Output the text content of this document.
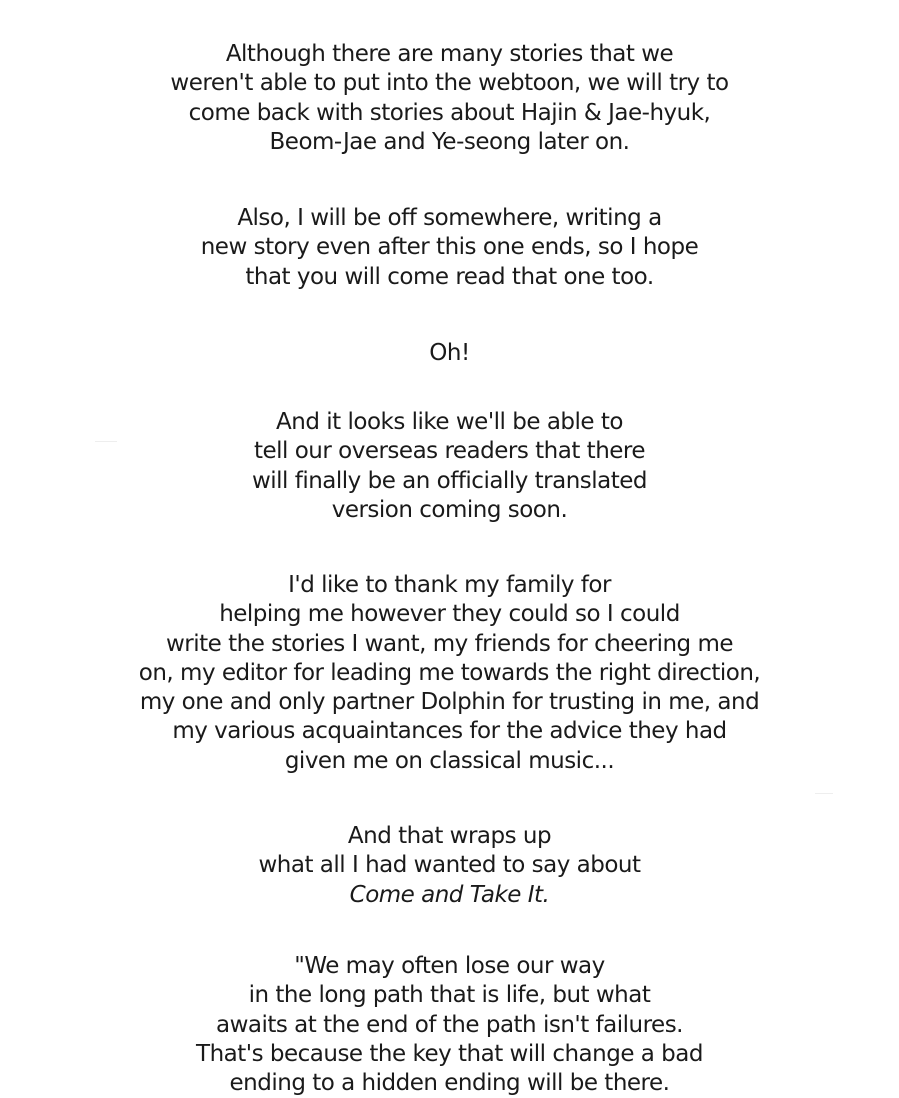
Although there are many stories that we
weren't able to put into the webtoon, we will try to
come back with stories about Hajin & Jae-hyuk,
Beom-Jae and Ye-seong later on.

Also, I will be off somewhere, writing a
new story even after this one ends, so I hope
that you will come read that one too.

Oh!

And it looks like we'll be able to
tell our overseas readers that there
will finally be an officially translated
version coming soon.

I'd like to thank my family for
helping me however they could so I could
write the stories I want, my friends for cheering me
on, my editor for leading me towards the right direction,
my one and only partner Dolphin for trusting in me, and
my various acquaintances for the advice they had
given me on classical music...

And that wraps up
what all I had wanted to say about
Come and Take It.

"We may often lose our way
in the long path that is life, but what
awaits at the end of the path isn't failures.
That's because the key that will change a bad
ending to a hidden ending will be there.
